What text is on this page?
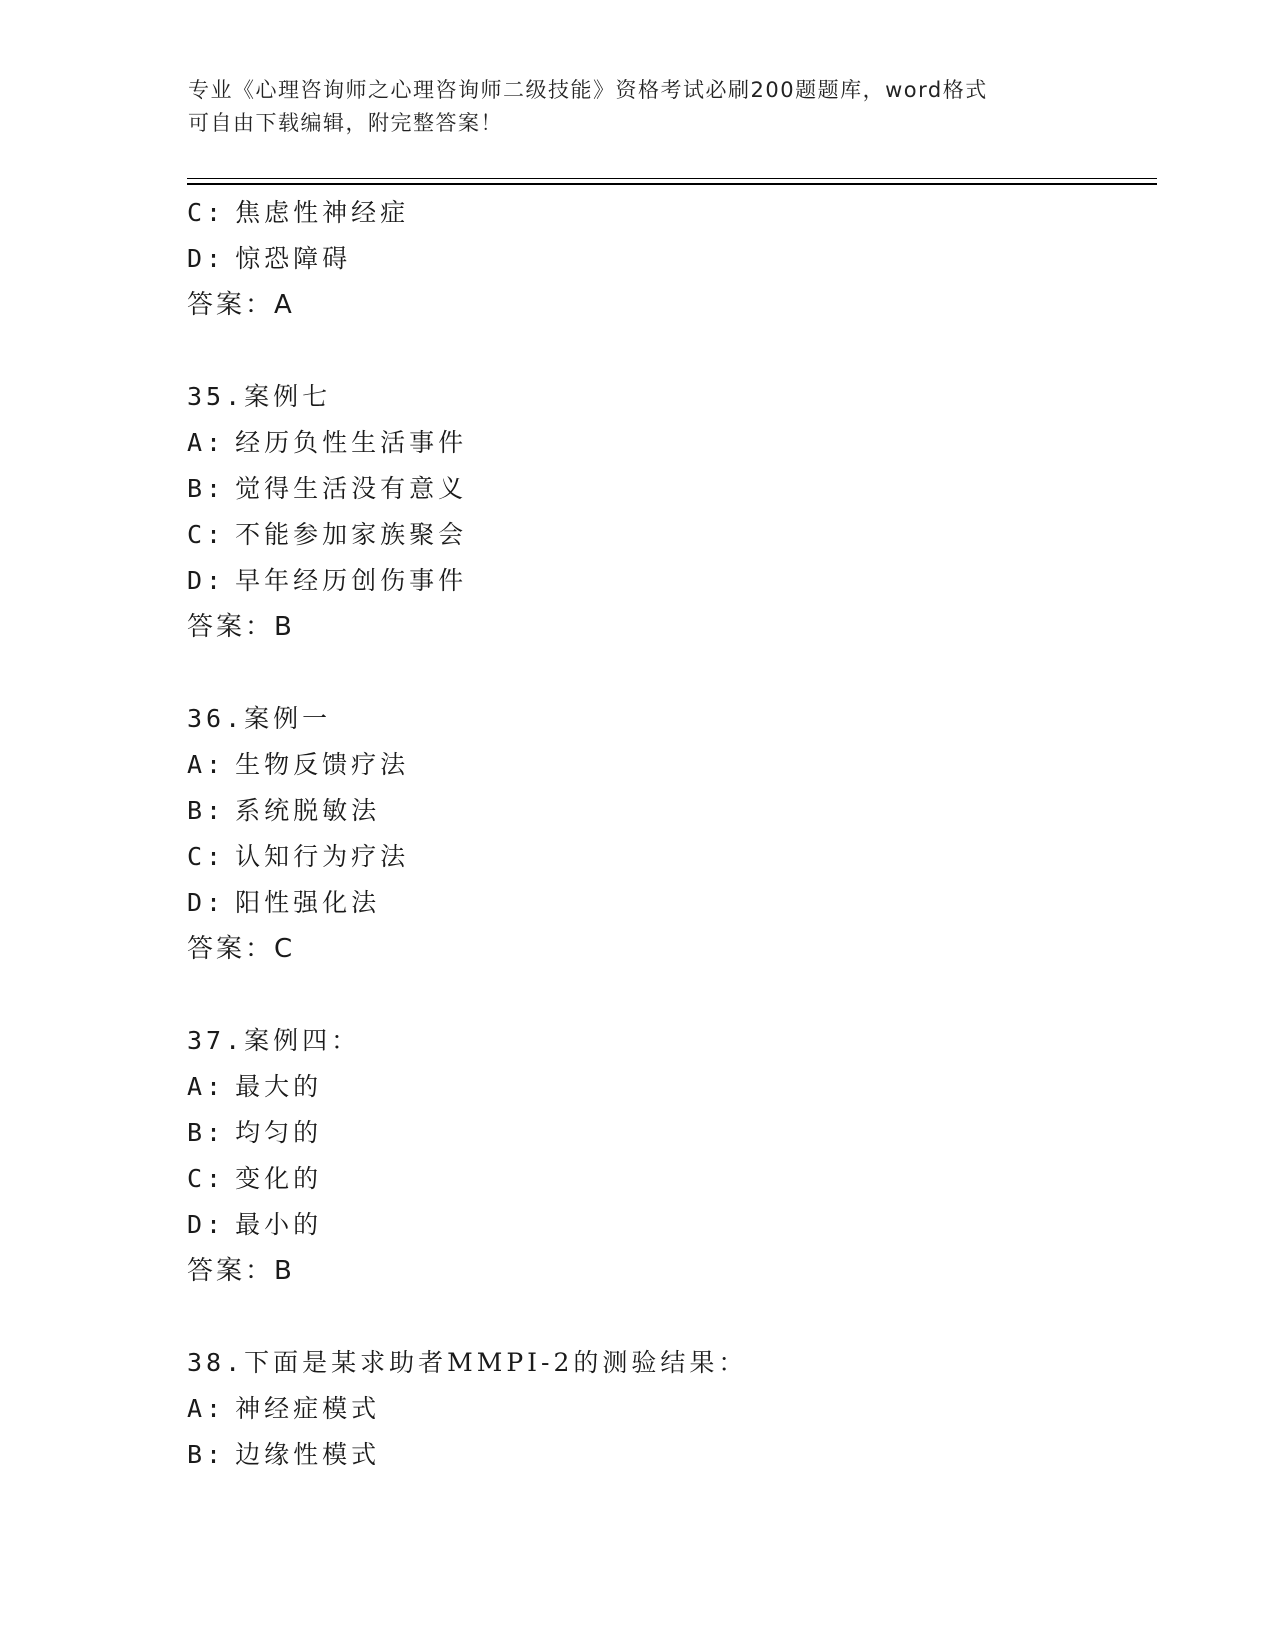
专业《心理咨询师之心理咨询师二级技能》资格考试必刷200题题库，word格式
可自由下载编辑，附完整答案！
C: 焦虑性神经症
D: 惊恐障碍
答案：A
35.案例七
A: 经历负性生活事件
B: 觉得生活没有意义
C: 不能参加家族聚会
D: 早年经历创伤事件
答案：B
36.案例一
A: 生物反馈疗法
B: 系统脱敏法
C: 认知行为疗法
D: 阳性强化法
答案：C
37.案例四：
A: 最大的
B: 均匀的
C: 变化的
D: 最小的
答案：B
38.下面是某求助者MMPI-2的测验结果：
A: 神经症模式
B: 边缘性模式
